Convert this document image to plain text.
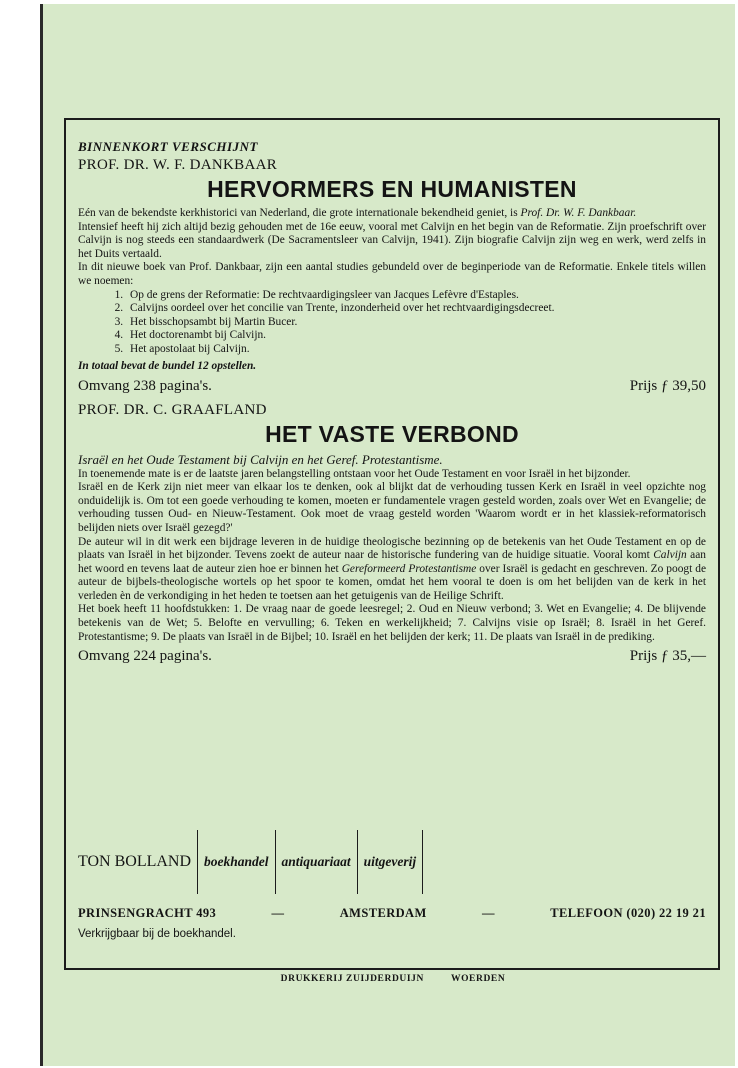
BINNENKORT VERSCHIJNT

PROF. DR. W. F. DANKBAAR

HERVORMERS EN HUMANISTEN

Eén van de bekendste kerkhistorici van Nederland, die grote internationale bekendheid geniet, is Prof. Dr. W. F. Dankbaar.

Intensief heeft hij zich altijd bezig gehouden met de 16e eeuw, vooral met Calvijn en het begin van de Reformatie. Zijn proefschrift over Calvijn is nog steeds een standaardwerk (De Sacramentsleer van Calvijn, 1941). Zijn biografie Calvijn zijn weg en werk, werd zelfs in het Duits vertaald.

In dit nieuwe boek van Prof. Dankbaar, zijn een aantal studies gebundeld over de beginperiode van de Reformatie. Enkele titels willen we noemen:

1. Op de grens der Reformatie: De rechtvaardigingsleer van Jacques Lefèvre d'Estaples.
2. Calvijns oordeel over het concilie van Trente, inzonderheid over het rechtvaardigingsdecreet.
3. Het bisschopsambt bij Martin Bucer.
4. Het doctorenambt bij Calvijn.
5. Het apostolaat bij Calvijn.

In totaal bevat de bundel 12 opstellen.

Omvang 238 pagina's.	Prijs ƒ 39,50

PROF. DR. C. GRAAFLAND

HET VASTE VERBOND

Israël en het Oude Testament bij Calvijn en het Geref. Protestantisme.

In toenemende mate is er de laatste jaren belangstelling ontstaan voor het Oude Testament en voor Israël in het bijzonder.

Israël en de Kerk zijn niet meer van elkaar los te denken, ook al blijkt dat de verhouding tussen Kerk en Israël in veel opzichte nog onduidelijk is. Om tot een goede verhouding te komen, moeten er fundamentele vragen gesteld worden, zoals over Wet en Evangelie; de verhouding tussen Oud- en Nieuw-Testament. Ook moet de vraag gesteld worden 'Waarom wordt er in het klassiek-reformatorisch belijden niets over Israël gezegd?'

De auteur wil in dit werk een bijdrage leveren in de huidige theologische bezinning op de betekenis van het Oude Testament en op de plaats van Israël in het bijzonder. Tevens zoekt de auteur naar de historische fundering van de huidige situatie. Vooral komt Calvijn aan het woord en tevens laat de auteur zien hoe er binnen het Gereformeerd Protestantisme over Israël is gedacht en geschreven. Zo poogt de auteur de bijbels-theologische wortels op het spoor te komen, omdat het hem vooral te doen is om het belijden van de kerk in het verleden èn de verkondiging in het heden te toetsen aan het getuigenis van de Heilige Schrift.

Het boek heeft 11 hoofdstukken: 1. De vraag naar de goede leesregel; 2. Oud en Nieuw verbond; 3. Wet en Evangelie; 4. De blijvende betekenis van de Wet; 5. Belofte en vervulling; 6. Teken en werkelijkheid; 7. Calvijns visie op Israël; 8. Israël in het Geref. Protestantisme; 9. De plaats van Israël in de Bijbel; 10. Israël en het belijden der kerk; 11. De plaats van Israël in de prediking.

Omvang 224 pagina's.	Prijs ƒ 35,—
TON BOLLAND boekhandel antiquariaat uitgeverij
PRINSENGRACHT 493	—	AMSTERDAM	—	TELEFOON (020) 22 19 21
Verkrijgbaar bij de boekhandel.
DRUKKERIJ ZUIJDERDUIJN	WOERDEN
